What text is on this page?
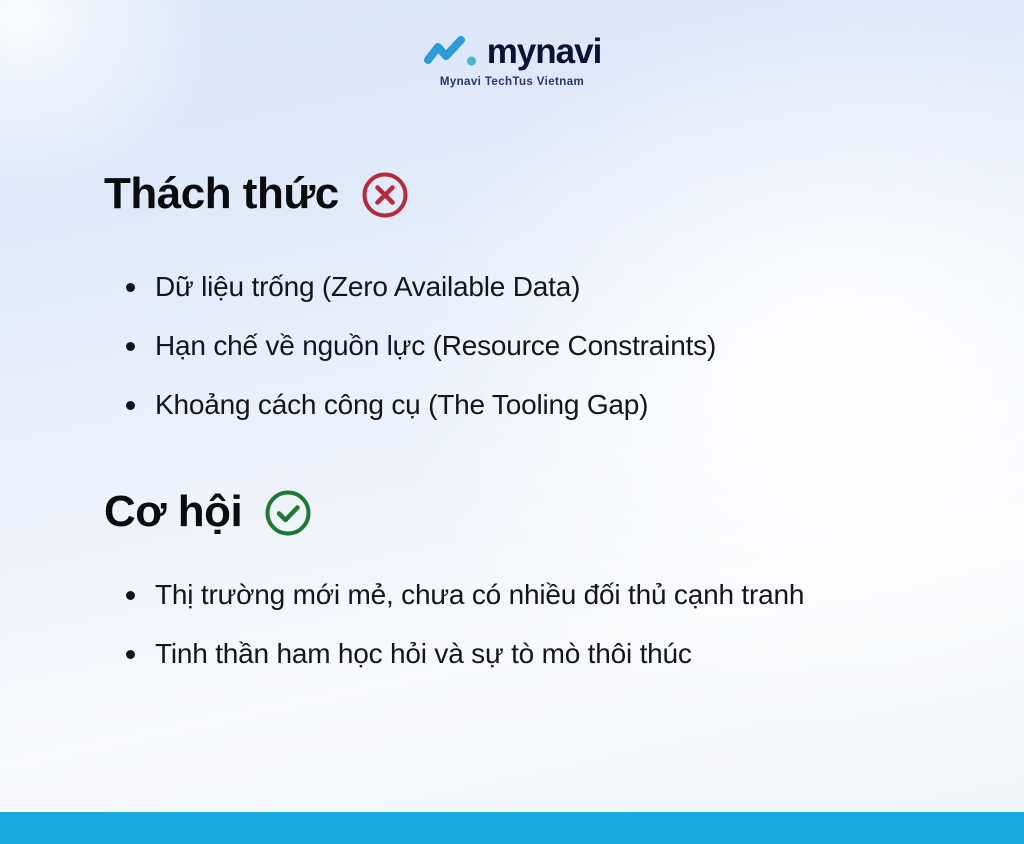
mynavi
Mynavi TechTus Vietnam
Thách thức
Dữ liệu trống (Zero Available Data)
Hạn chế về nguồn lực (Resource Constraints)
Khoảng cách công cụ (The Tooling Gap)
Cơ hội
Thị trường mới mẻ, chưa có nhiều đối thủ cạnh tranh
Tinh thần ham học hỏi và sự tò mò thôi thúc
